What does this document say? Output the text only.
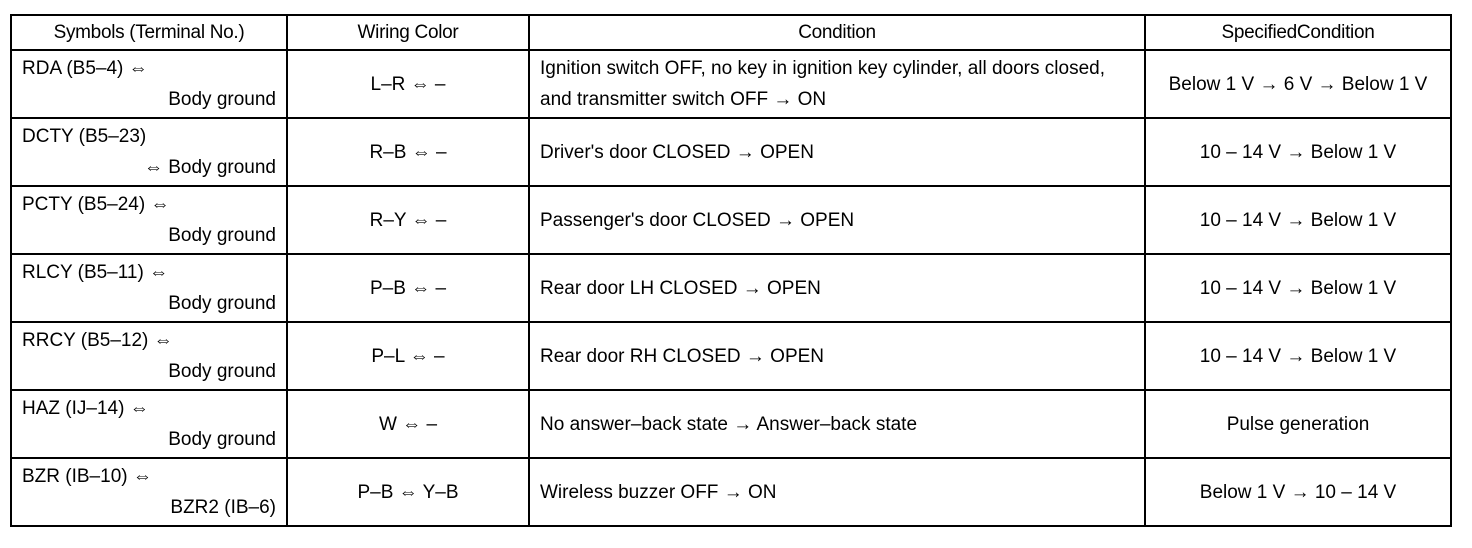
Symbols (Terminal No.)	Wiring Color	Condition	SpecifiedCondition

RDA (B5–4) ⇔
Body ground	L–R ⇔ –	Ignition switch OFF, no key in ignition key cylinder, all doors closed, and transmitter switch OFF → ON	Below 1 V → 6 V → Below 1 V

DCTY (B5–23)
⇔ Body ground	R–B ⇔ –	Driver's door CLOSED → OPEN	10 – 14 V → Below 1 V

PCTY (B5–24) ⇔
Body ground	R–Y ⇔ –	Passenger's door CLOSED → OPEN	10 – 14 V → Below 1 V

RLCY (B5–11) ⇔
Body ground	P–B ⇔ –	Rear door LH CLOSED → OPEN	10 – 14 V → Below 1 V

RRCY (B5–12) ⇔
Body ground	P–L ⇔ –	Rear door RH CLOSED → OPEN	10 – 14 V → Below 1 V

HAZ (IJ–14) ⇔
Body ground	W ⇔ –	No answer–back state → Answer–back state	Pulse generation

BZR (IB–10) ⇔
BZR2 (IB–6)	P–B ⇔ Y–B	Wireless buzzer OFF → ON	Below 1 V → 10 – 14 V
